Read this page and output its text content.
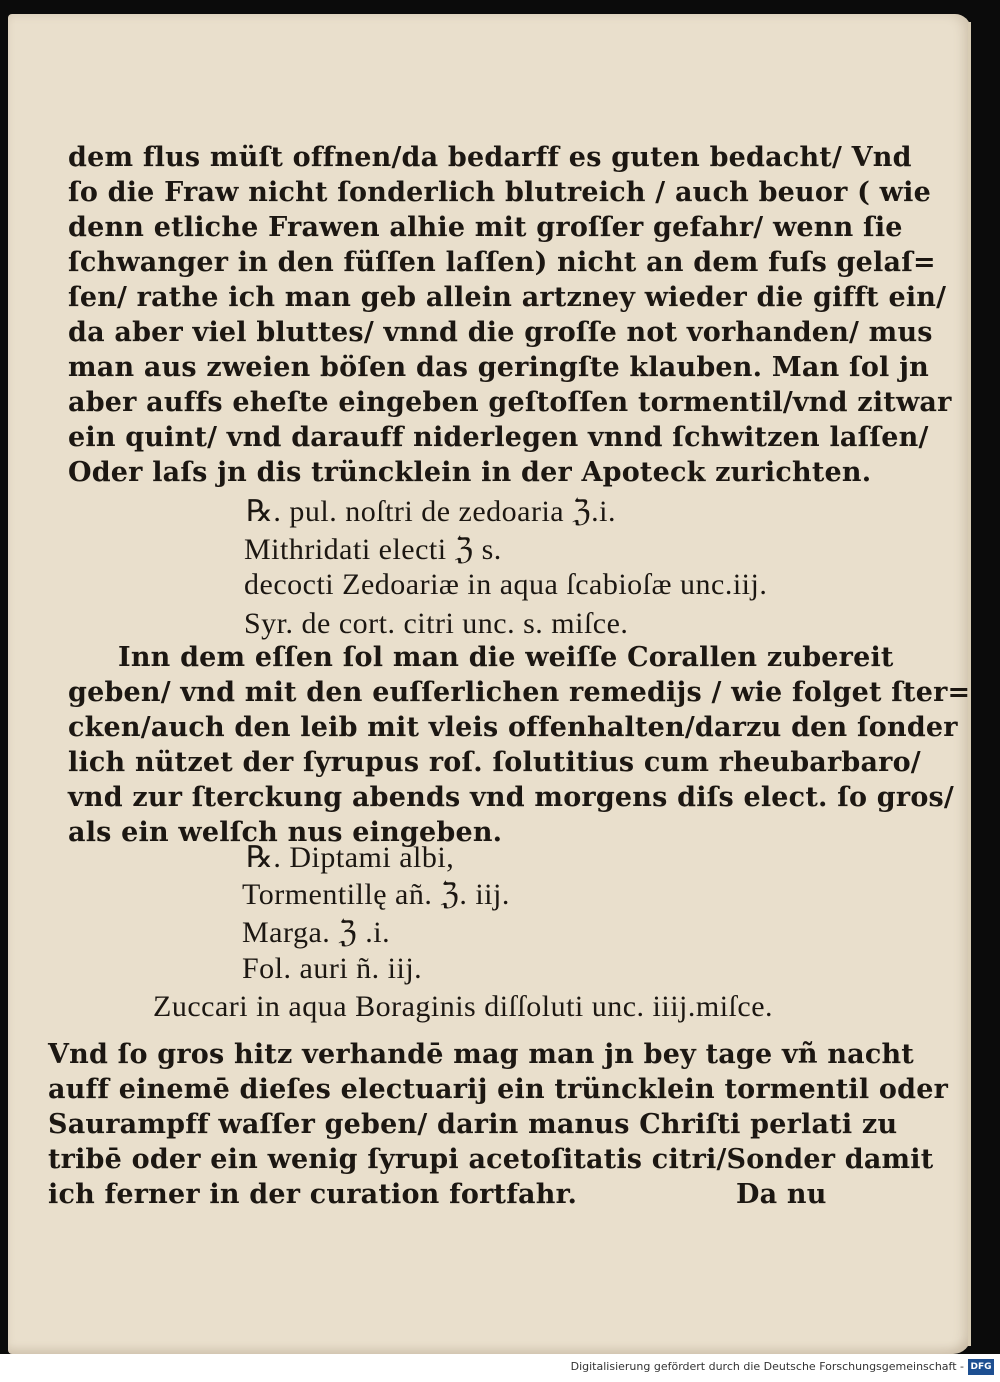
dem flus müſt offnen/da bedarff es guten bedacht/ Vnd
ſo die Fraw nicht ſonderlich blutreich / auch beuor ( wie
denn etliche Frawen alhie mit groſſer gefahr/ wenn ſie
ſchwanger in den füſſen laſſen) nicht an dem fuſs gelaſ=
ſen/ rathe ich man geb allein artzney wieder die gifft ein/
da aber viel bluttes/ vnnd die groſſe not vorhanden/ mus
man aus zweien böſen das geringſte klauben. Man ſol jn
aber auffs eheſte eingeben geſtoſſen tormentil/vnd zitwar
ein quint/ vnd darauff niderlegen vnnd ſchwitzen laſſen/
Oder laſs jn dis trüncklein in der Apoteck zurichten.
℞. pul. noſtri de zedoaria ℨ.i.
Mithridati electi ℨ s.
decocti Zedoariæ in aqua ſcabioſæ unc.iij.
Syr. de cort. citri unc. s. miſce.
Inn dem eſſen ſol man die weiſſe Corallen zubereit
geben/ vnd mit den euſſerlichen remedijs / wie folget ſter=
cken/auch den leib mit vleis offenhalten/darzu den ſonder
lich nützet der ſyrupus roſ. ſolutitius cum rheubarbaro/
vnd zur ſterckung abends vnd morgens diſs elect. ſo gros/
als ein welſch nus eingeben.
℞. Diptami albi,
Tormentillę añ. ℨ. iij.
Marga. ℨ .i.
Fol. auri ñ. iij.
Zuccari in aqua Boraginis diſſoluti unc. iiij.miſce.
Vnd ſo gros hitz verhandē mag man jn bey tage vñ nacht
auff einemē dieſes electuarij ein trüncklein tormentil oder
Saurampff waſſer geben/ darin manus Chriſti perlati zu
tribē oder ein wenig ſyrupi acetoſitatis citri/Sonder damit
ich ferner in der curation fortfahr.	Da nu
Digitalisierung gefördert durch die Deutsche Forschungsgemeinschaft - DFG
